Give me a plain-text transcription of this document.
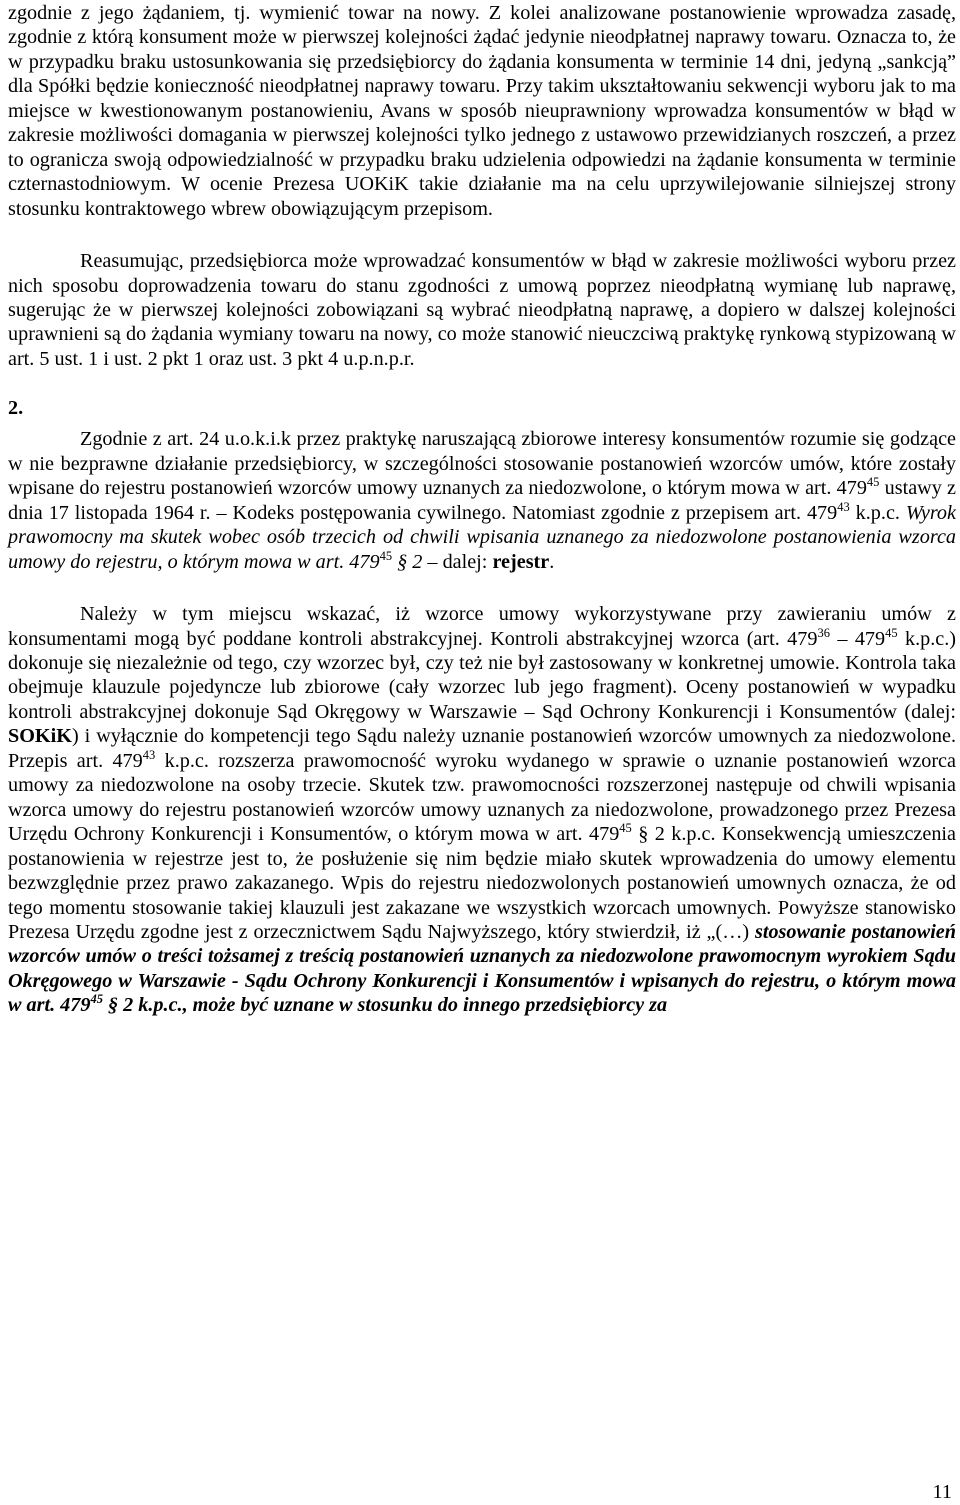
zgodnie z jego żądaniem, tj. wymienić towar na nowy. Z kolei analizowane postanowienie wprowadza zasadę, zgodnie z którą konsument może w pierwszej kolejności żądać jedynie nieodpłatnej naprawy towaru. Oznacza to, że w przypadku braku ustosunkowania się przedsiębiorcy do żądania konsumenta w terminie 14 dni, jedyną „sankcją” dla Spółki będzie konieczność nieodpłatnej naprawy towaru. Przy takim ukształtowaniu sekwencji wyboru jak to ma miejsce w kwestionowanym postanowieniu, Avans w sposób nieuprawniony wprowadza konsumentów w błąd w zakresie możliwości domagania w pierwszej kolejności tylko jednego z ustawowo przewidzianych roszczeń, a przez to ogranicza swoją odpowiedzialność w przypadku braku udzielenia odpowiedzi na żądanie konsumenta w terminie czternastodniowym. W ocenie Prezesa UOKiK takie działanie ma na celu uprzywilejowanie silniejszej strony stosunku kontraktowego wbrew obowiązującym przepisom.

Reasumując, przedsiębiorca może wprowadzać konsumentów w błąd w zakresie możliwości wyboru przez nich sposobu doprowadzenia towaru do stanu zgodności z umową poprzez nieodpłatną wymianę lub naprawę, sugerując że w pierwszej kolejności zobowiązani są wybrać nieodpłatną naprawę, a dopiero w dalszej kolejności uprawnieni są do żądania wymiany towaru na nowy, co może stanowić nieuczciwą praktykę rynkową stypizowaną w art. 5 ust. 1 i ust. 2 pkt 1 oraz ust. 3 pkt 4 u.p.n.p.r.

2.

Zgodnie z art. 24 u.o.k.i.k przez praktykę naruszającą zbiorowe interesy konsumentów rozumie się godzące w nie bezprawne działanie przedsiębiorcy, w szczególności stosowanie postanowień wzorców umów, które zostały wpisane do rejestru postanowień wzorców umowy uznanych za niedozwolone, o którym mowa w art. $479^{45}$ ustawy z dnia 17 listopada 1964 r. – Kodeks postępowania cywilnego. Natomiast zgodnie z przepisem art. $479^{43}$ k.p.c. Wyrok prawomocny ma skutek wobec osób trzecich od chwili wpisania uznanego za niedozwolone postanowienia wzorca umowy do rejestru, o którym mowa w art. $479^{45}$ § 2 – dalej: rejestr.

Należy w tym miejscu wskazać, iż wzorce umowy wykorzystywane przy zawieraniu umów z konsumentami mogą być poddane kontroli abstrakcyjnej. Kontroli abstrakcyjnej wzorca (art. $479^{36} - 479^{45}$ k.p.c.) dokonuje się niezależnie od tego, czy wzorzec był, czy też nie był zastosowany w konkretnej umowie. Kontrola taka obejmuje klauzule pojedyncze lub zbiorowe (cały wzorzec lub jego fragment). Oceny postanowień w wypadku kontroli abstrakcyjnej dokonuje Sąd Okręgowy w Warszawie – Sąd Ochrony Konkurencji i Konsumentów (dalej: SOKiK) i wyłącznie do kompetencji tego Sądu należy uznanie postanowień wzorców umownych za niedozwolone. Przepis art. $479^{43}$ k.p.c. rozszerza prawomocność wyroku wydanego w sprawie o uznanie postanowień wzorca umowy za niedozwolone na osoby trzecie. Skutek tzw. prawomocności rozszerzonej następuje od chwili wpisania wzorca umowy do rejestru postanowień wzorców umowy uznanych za niedozwolone, prowadzonego przez Prezesa Urzędu Ochrony Konkurencji i Konsumentów, o którym mowa w art. $479^{45}$ § 2 k.p.c. Konsekwencją umieszczenia postanowienia w rejestrze jest to, że posłużenie się nim będzie miało skutek wprowadzenia do umowy elementu bezwzględnie przez prawo zakazanego. Wpis do rejestru niedozwolonych postanowień umownych oznacza, że od tego momentu stosowanie takiej klauzuli jest zakazane we wszystkich wzorcach umownych. Powyższe stanowisko Prezesa Urzędu zgodne jest z orzecznictwem Sądu Najwyższego, który stwierdził, iż „(…) stosowanie postanowień wzorców umów o treści tożsamej z treścią postanowień uznanych za niedozwolone prawomocnym wyrokiem Sądu Okręgowego w Warszawie - Sądu Ochrony Konkurencji i Konsumentów i wpisanych do rejestru, o którym mowa w art. $479^{45}$ § 2 k.p.c., może być uznane w stosunku do innego przedsiębiorcy za

11
